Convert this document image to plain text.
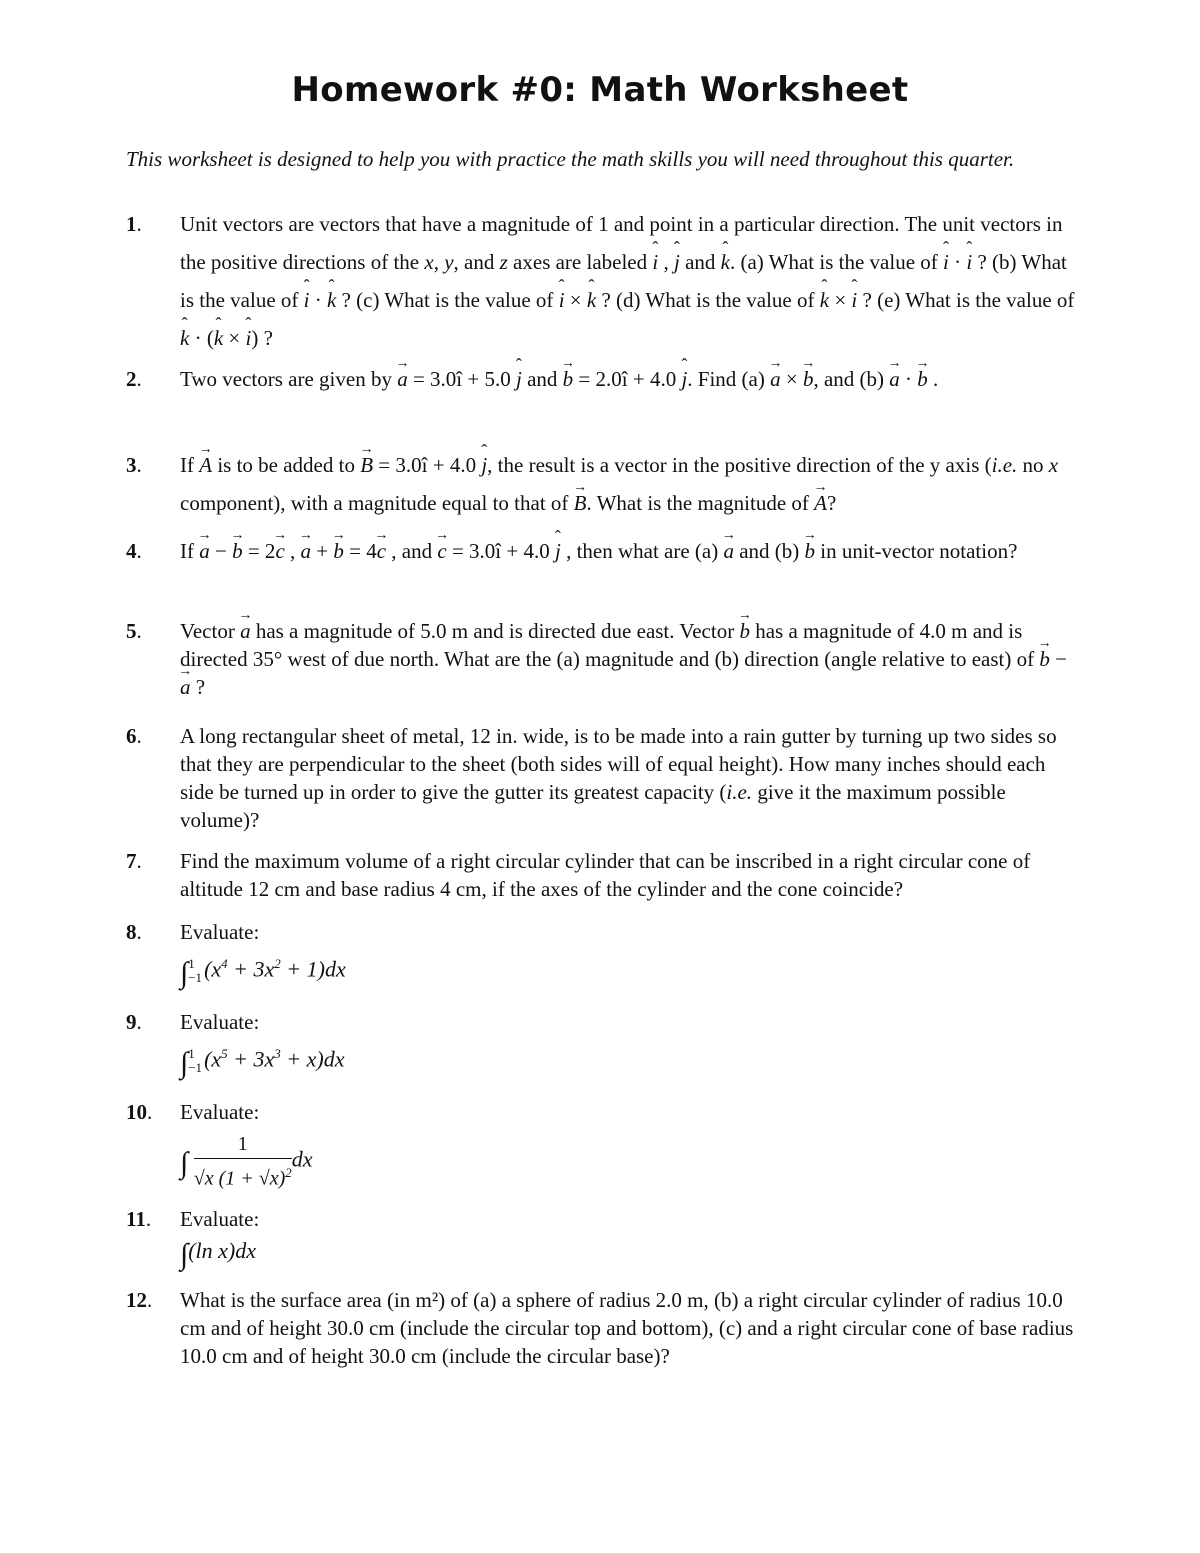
Homework #0: Math Worksheet
This worksheet is designed to help you with practice the math skills you will need throughout this quarter.
1. Unit vectors are vectors that have a magnitude of 1 and point in a particular direction. The unit vectors in the positive directions of the x, y, and z axes are labeled ˆ i , ˆ j and ˆ k. (a) What is the value of ˆ i · ˆ i ? (b) What is the value of ˆ i · ˆ k ? (c) What is the value of ˆ i × ˆ k ? (d) What is the value of ˆ k × ˆ i ? (e) What is the value of ˆ k · (ˆ k × ˆ i) ?
2. Two vectors are given by → a = 3.0î + 5.0 ˆ j and → b = 2.0î + 4.0 ˆ j. Find (a) → a × → b, and (b) → a · → b .
3. If → A is to be added to → B = 3.0î + 4.0 ˆ j, the result is a vector in the positive direction of the y axis (i.e. no x component), with a magnitude equal to that of → B. What is the magnitude of → A?
4. If → a − → b = 2→ c , → a + → b = 4→ c , and → c = 3.0î + 4.0 ˆ j , then what are (a) → a and (b) → b in unit-vector notation?
5. Vector → a has a magnitude of 5.0 m and is directed due east. Vector → b has a magnitude of 4.0 m and is directed 35° west of due north. What are the (a) magnitude and (b) direction (angle relative to east) of → b − → a ?
6. A long rectangular sheet of metal, 12 in. wide, is to be made into a rain gutter by turning up two sides so that they are perpendicular to the sheet (both sides will of equal height). How many inches should each side be turned up in order to give the gutter its greatest capacity (i.e. give it the maximum possible volume)?
7. Find the maximum volume of a right circular cylinder that can be inscribed in a right circular cone of altitude 12 cm and base radius 4 cm, if the axes of the cylinder and the cone coincide?
8. Evaluate:
∫1
$-1(x^4 + 3x^2 + 1)dx$
9. Evaluate:
∫1
$-1(x^5 + 3x^3 + x)dx$
10. Evaluate:
∫ $\frac{1}{√x (1 + √x)^2}$ dx
11. Evaluate:
∫(ln x)dx
12. What is the surface area (in m²) of (a) a sphere of radius 2.0 m, (b) a right circular cylinder of radius 10.0 cm and of height 30.0 cm (include the circular top and bottom), (c) and a right circular cone of base radius 10.0 cm and of height 30.0 cm (include the circular base)?
